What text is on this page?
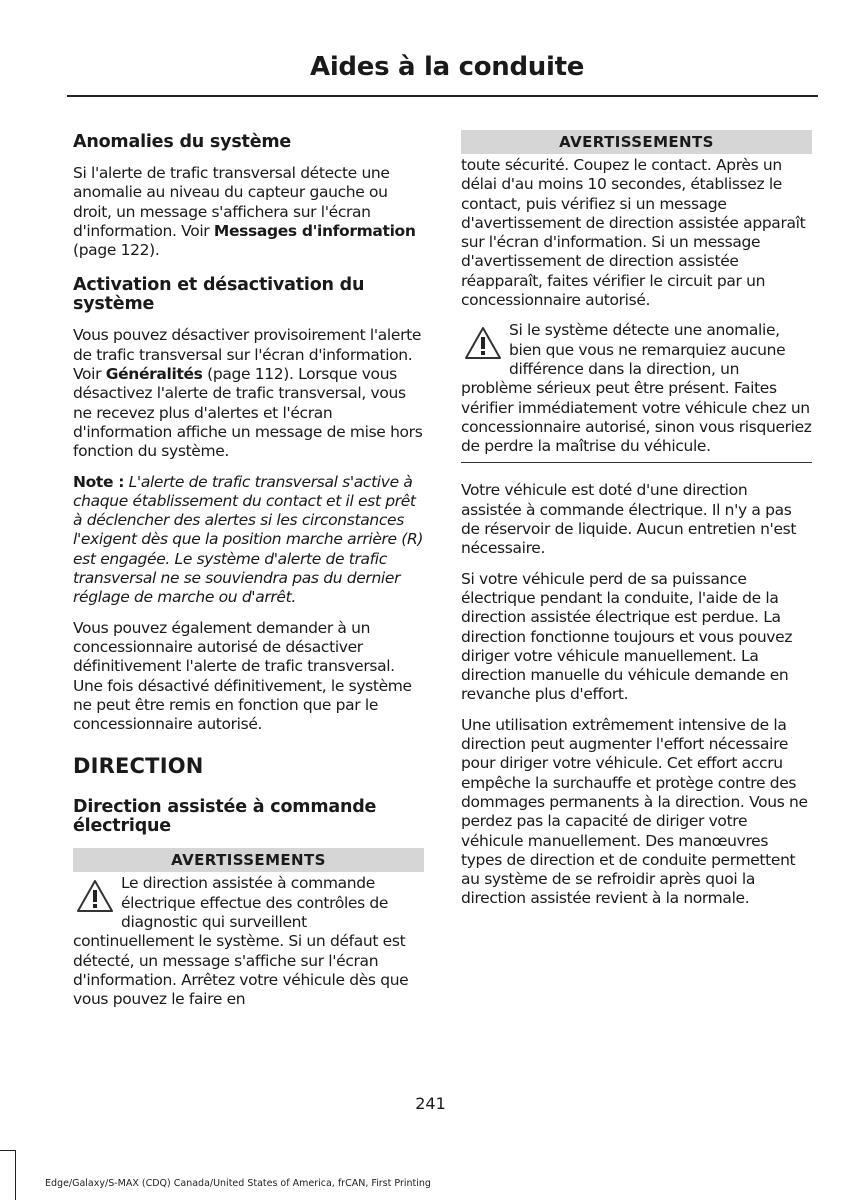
Aides à la conduite
Anomalies du système

Si l'alerte de trafic transversal détecte une anomalie au niveau du capteur gauche ou droit, un message s'affichera sur l'écran d'information. Voir Messages d'information (page 122).

Activation et désactivation du système

Vous pouvez désactiver provisoirement l'alerte de trafic transversal sur l'écran d'information. Voir Généralités (page 112). Lorsque vous désactivez l'alerte de trafic transversal, vous ne recevez plus d'alertes et l'écran d'information affiche un message de mise hors fonction du système.

Note : L'alerte de trafic transversal s'active à chaque établissement du contact et il est prêt à déclencher des alertes si les circonstances l'exigent dès que la position marche arrière (R) est engagée. Le système d'alerte de trafic transversal ne se souviendra pas du dernier réglage de marche ou d'arrêt.

Vous pouvez également demander à un concessionnaire autorisé de désactiver définitivement l'alerte de trafic transversal. Une fois désactivé définitivement, le système ne peut être remis en fonction que par le concessionnaire autorisé.

DIRECTION
Direction assistée à commande électrique
AVERTISSEMENTS
Le direction assistée à commande électrique effectue des contrôles de diagnostic qui surveillent continuellement le système. Si un défaut est détecté, un message s'affiche sur l'écran d'information. Arrêtez votre véhicule dès que vous pouvez le faire en
AVERTISSEMENTS

toute sécurité. Coupez le contact. Après un délai d'au moins 10 secondes, établissez le contact, puis vérifiez si un message d'avertissement de direction assistée apparaît sur l'écran d'information. Si un message d'avertissement de direction assistée réapparaît, faites vérifier le circuit par un concessionnaire autorisé.

Si le système détecte une anomalie, bien que vous ne remarquiez aucune différence dans la direction, un problème sérieux peut être présent. Faites vérifier immédiatement votre véhicule chez un concessionnaire autorisé, sinon vous risqueriez de perdre la maîtrise du véhicule.

Votre véhicule est doté d'une direction assistée à commande électrique. Il n'y a pas de réservoir de liquide. Aucun entretien n'est nécessaire.

Si votre véhicule perd de sa puissance électrique pendant la conduite, l'aide de la direction assistée électrique est perdue. La direction fonctionne toujours et vous pouvez diriger votre véhicule manuellement. La direction manuelle du véhicule demande en revanche plus d'effort.

Une utilisation extrêmement intensive de la direction peut augmenter l'effort nécessaire pour diriger votre véhicule. Cet effort accru empêche la surchauffe et protège contre des dommages permanents à la direction. Vous ne perdez pas la capacité de diriger votre véhicule manuellement. Des manœuvres types de direction et de conduite permettent au système de se refroidir après quoi la direction assistée revient à la normale.

241
Edge/Galaxy/S-MAX (CDQ) Canada/United States of America, frCAN, First Printing
